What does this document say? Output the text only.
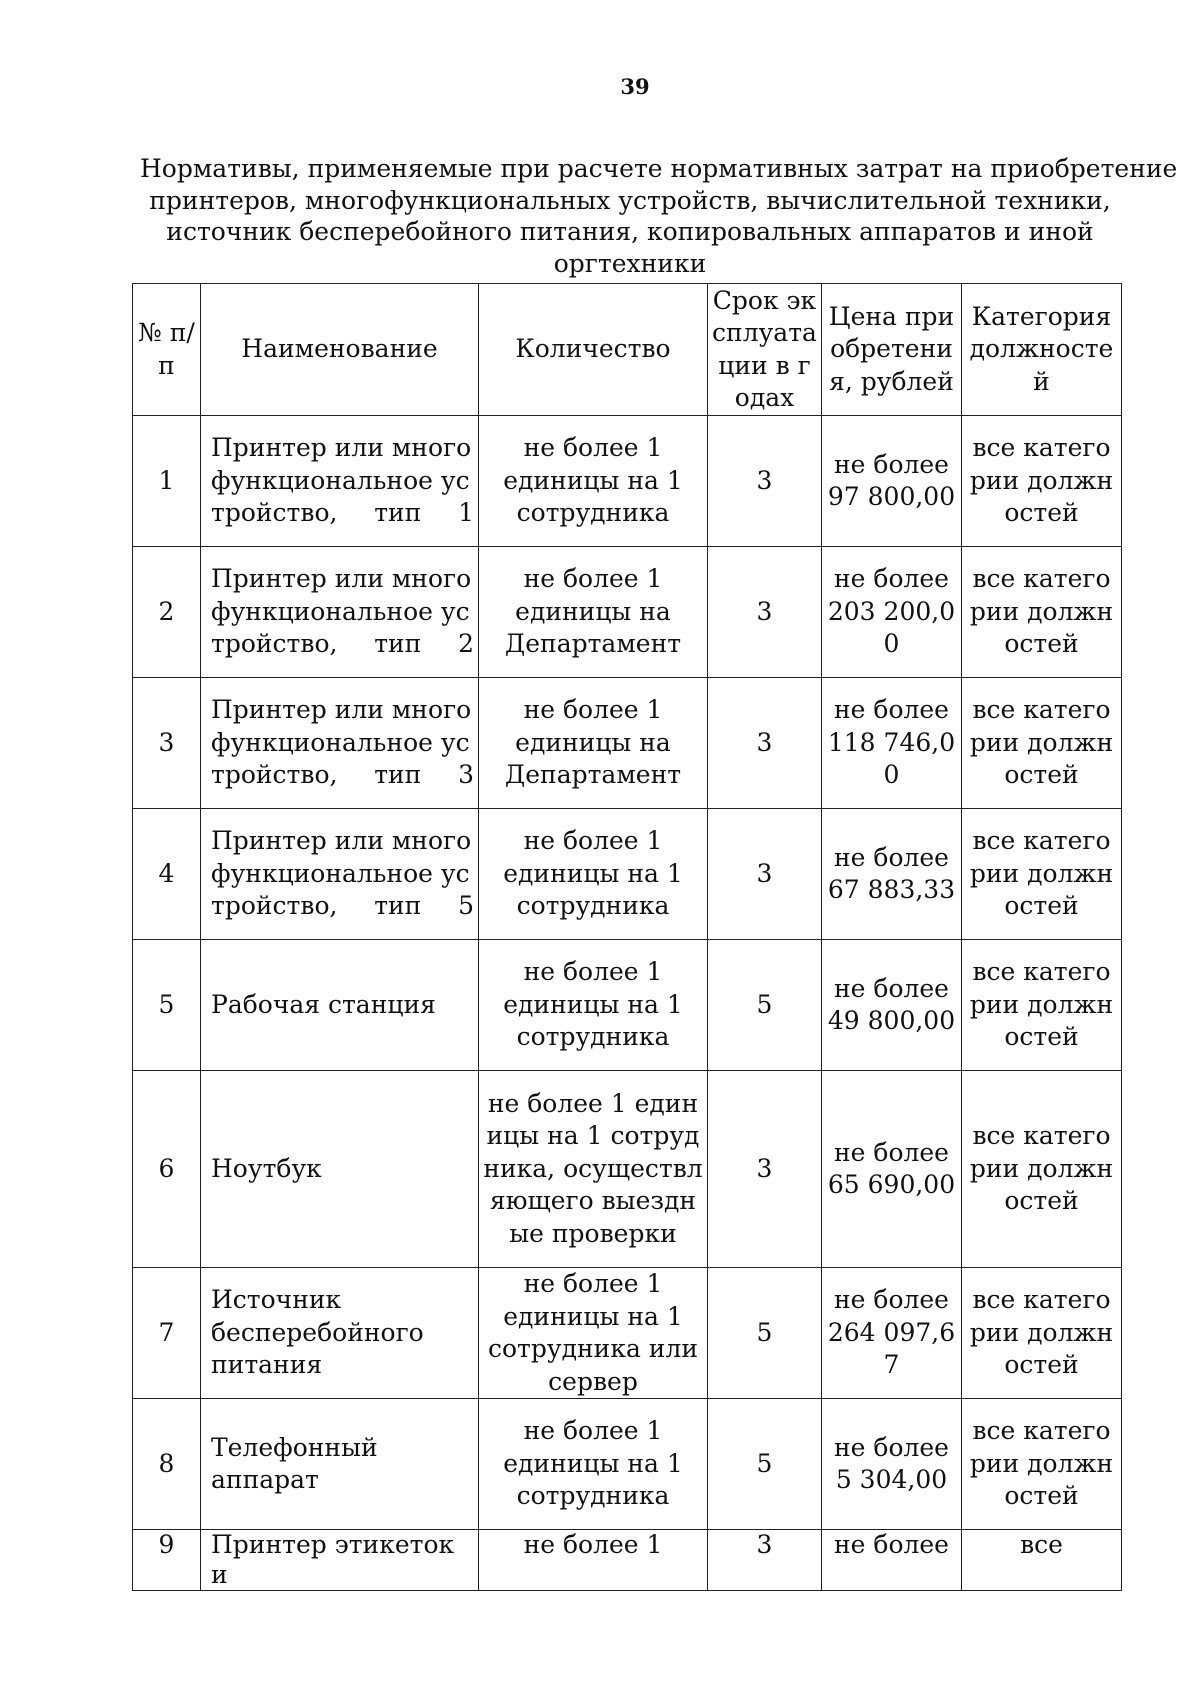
39
Нормативы, применяемые при расчете нормативных затрат на приобретение
принтеров, многофункциональных устройств, вычислительной техники,
источник бесперебойного питания, копировальных аппаратов и иной
оргтехники
№ п/п	Наименование	Количество	Срок эксплуатации в годах	Цена приобретения, рублей	Категория должностей
1	Принтер или многофункциональное устройство, тип 1	не более 1 единицы на 1 сотрудника	3	не более 97 800,00	все категории должностей
2	Принтер или многофункциональное устройство, тип 2	не более 1 единицы на Департамент	3	не более 203 200,00	все категории должностей
3	Принтер или многофункциональное устройство, тип 3	не более 1 единицы на Департамент	3	не более 118 746,00	все категории должностей
4	Принтер или многофункциональное устройство, тип 5	не более 1 единицы на 1 сотрудника	3	не более 67 883,33	все категории должностей
5	Рабочая станция	не более 1 единицы на 1 сотрудника	5	не более 49 800,00	все категории должностей
6	Ноутбук	не более 1 единицы на 1 сотрудника, осуществляющего выездные проверки	3	не более 65 690,00	все категории должностей
7	Источник бесперебойного питания	не более 1 единицы на 1 сотрудника или сервер	5	не более 264 097,67	все категории должностей
8	Телефонный аппарат	не более 1 единицы на 1 сотрудника	5	не более 5 304,00	все категории должностей
9	Принтер этикеток и	не более 1	3	не более	все
